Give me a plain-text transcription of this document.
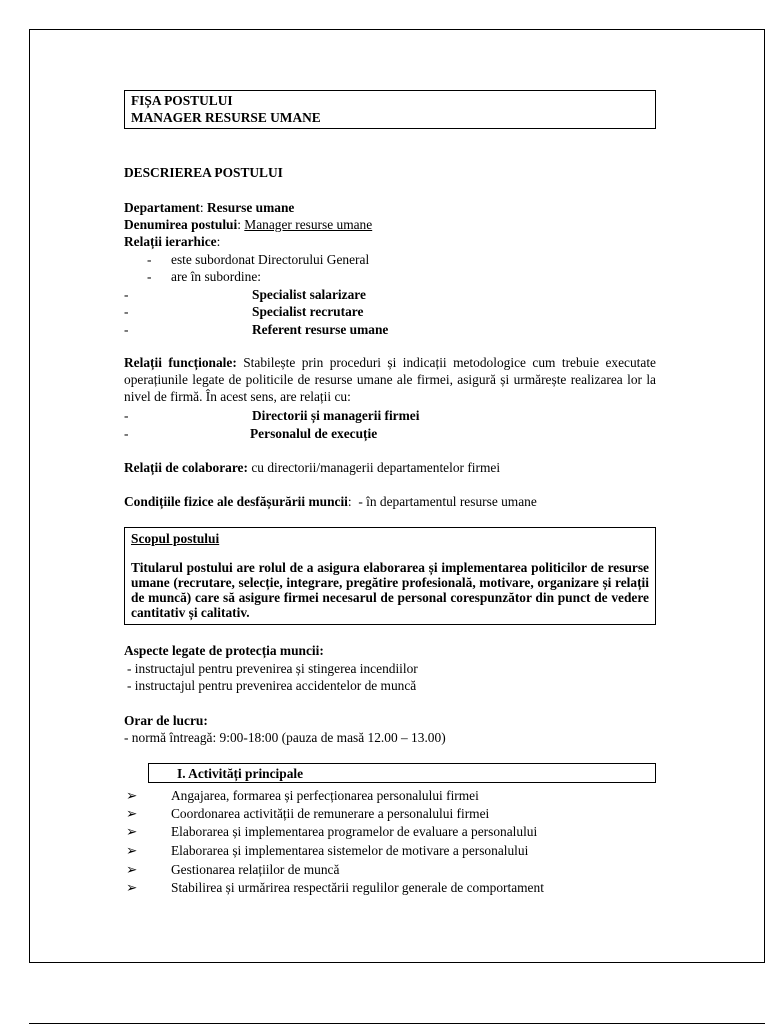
FIȘA POSTULUI
MANAGER RESURSE UMANE
DESCRIEREA POSTULUI
Departament: Resurse umane
Denumirea postului: Manager resurse umane
Relații ierarhice:
- este subordonat Directorului General
- are în subordine:
-	Specialist salarizare
-	Specialist recrutare
-	Referent resurse umane
Relații funcționale: Stabilește prin proceduri și indicații metodologice cum trebuie executate operațiunile legate de politicile de resurse umane ale firmei, asigură și urmărește realizarea lor la nivel de firmă. În acest sens, are relații cu:
-	Directorii și managerii firmei
-	Personalul de execuție
Relații de colaborare: cu directorii/managerii departamentelor firmei
Condițiile fizice ale desfășurării muncii:  - în departamentul resurse umane
Scopul postului
Titularul postului are rolul de a asigura elaborarea și implementarea politicilor de resurse umane (recrutare, selecție, integrare, pregătire profesională, motivare, organizare și relații de muncă) care să asigure firmei necesarul de personal corespunzător din punct de vedere cantitativ și calitativ.
Aspecte legate de protecția muncii:
- instructajul pentru prevenirea și stingerea incendiilor
- instructajul pentru prevenirea accidentelor de muncă
Orar de lucru:
- normă întreagă: 9:00-18:00 (pauza de masă 12.00 – 13.00)
I. Activități principale
➢	Angajarea, formarea și perfecționarea personalului firmei
➢	Coordonarea activității de remunerare a personalului firmei
➢	Elaborarea și implementarea programelor de evaluare a personalului
➢	Elaborarea și implementarea sistemelor de motivare a personalului
➢	Gestionarea relațiilor de muncă
➢	Stabilirea și urmărirea respectării regulilor generale de comportament
